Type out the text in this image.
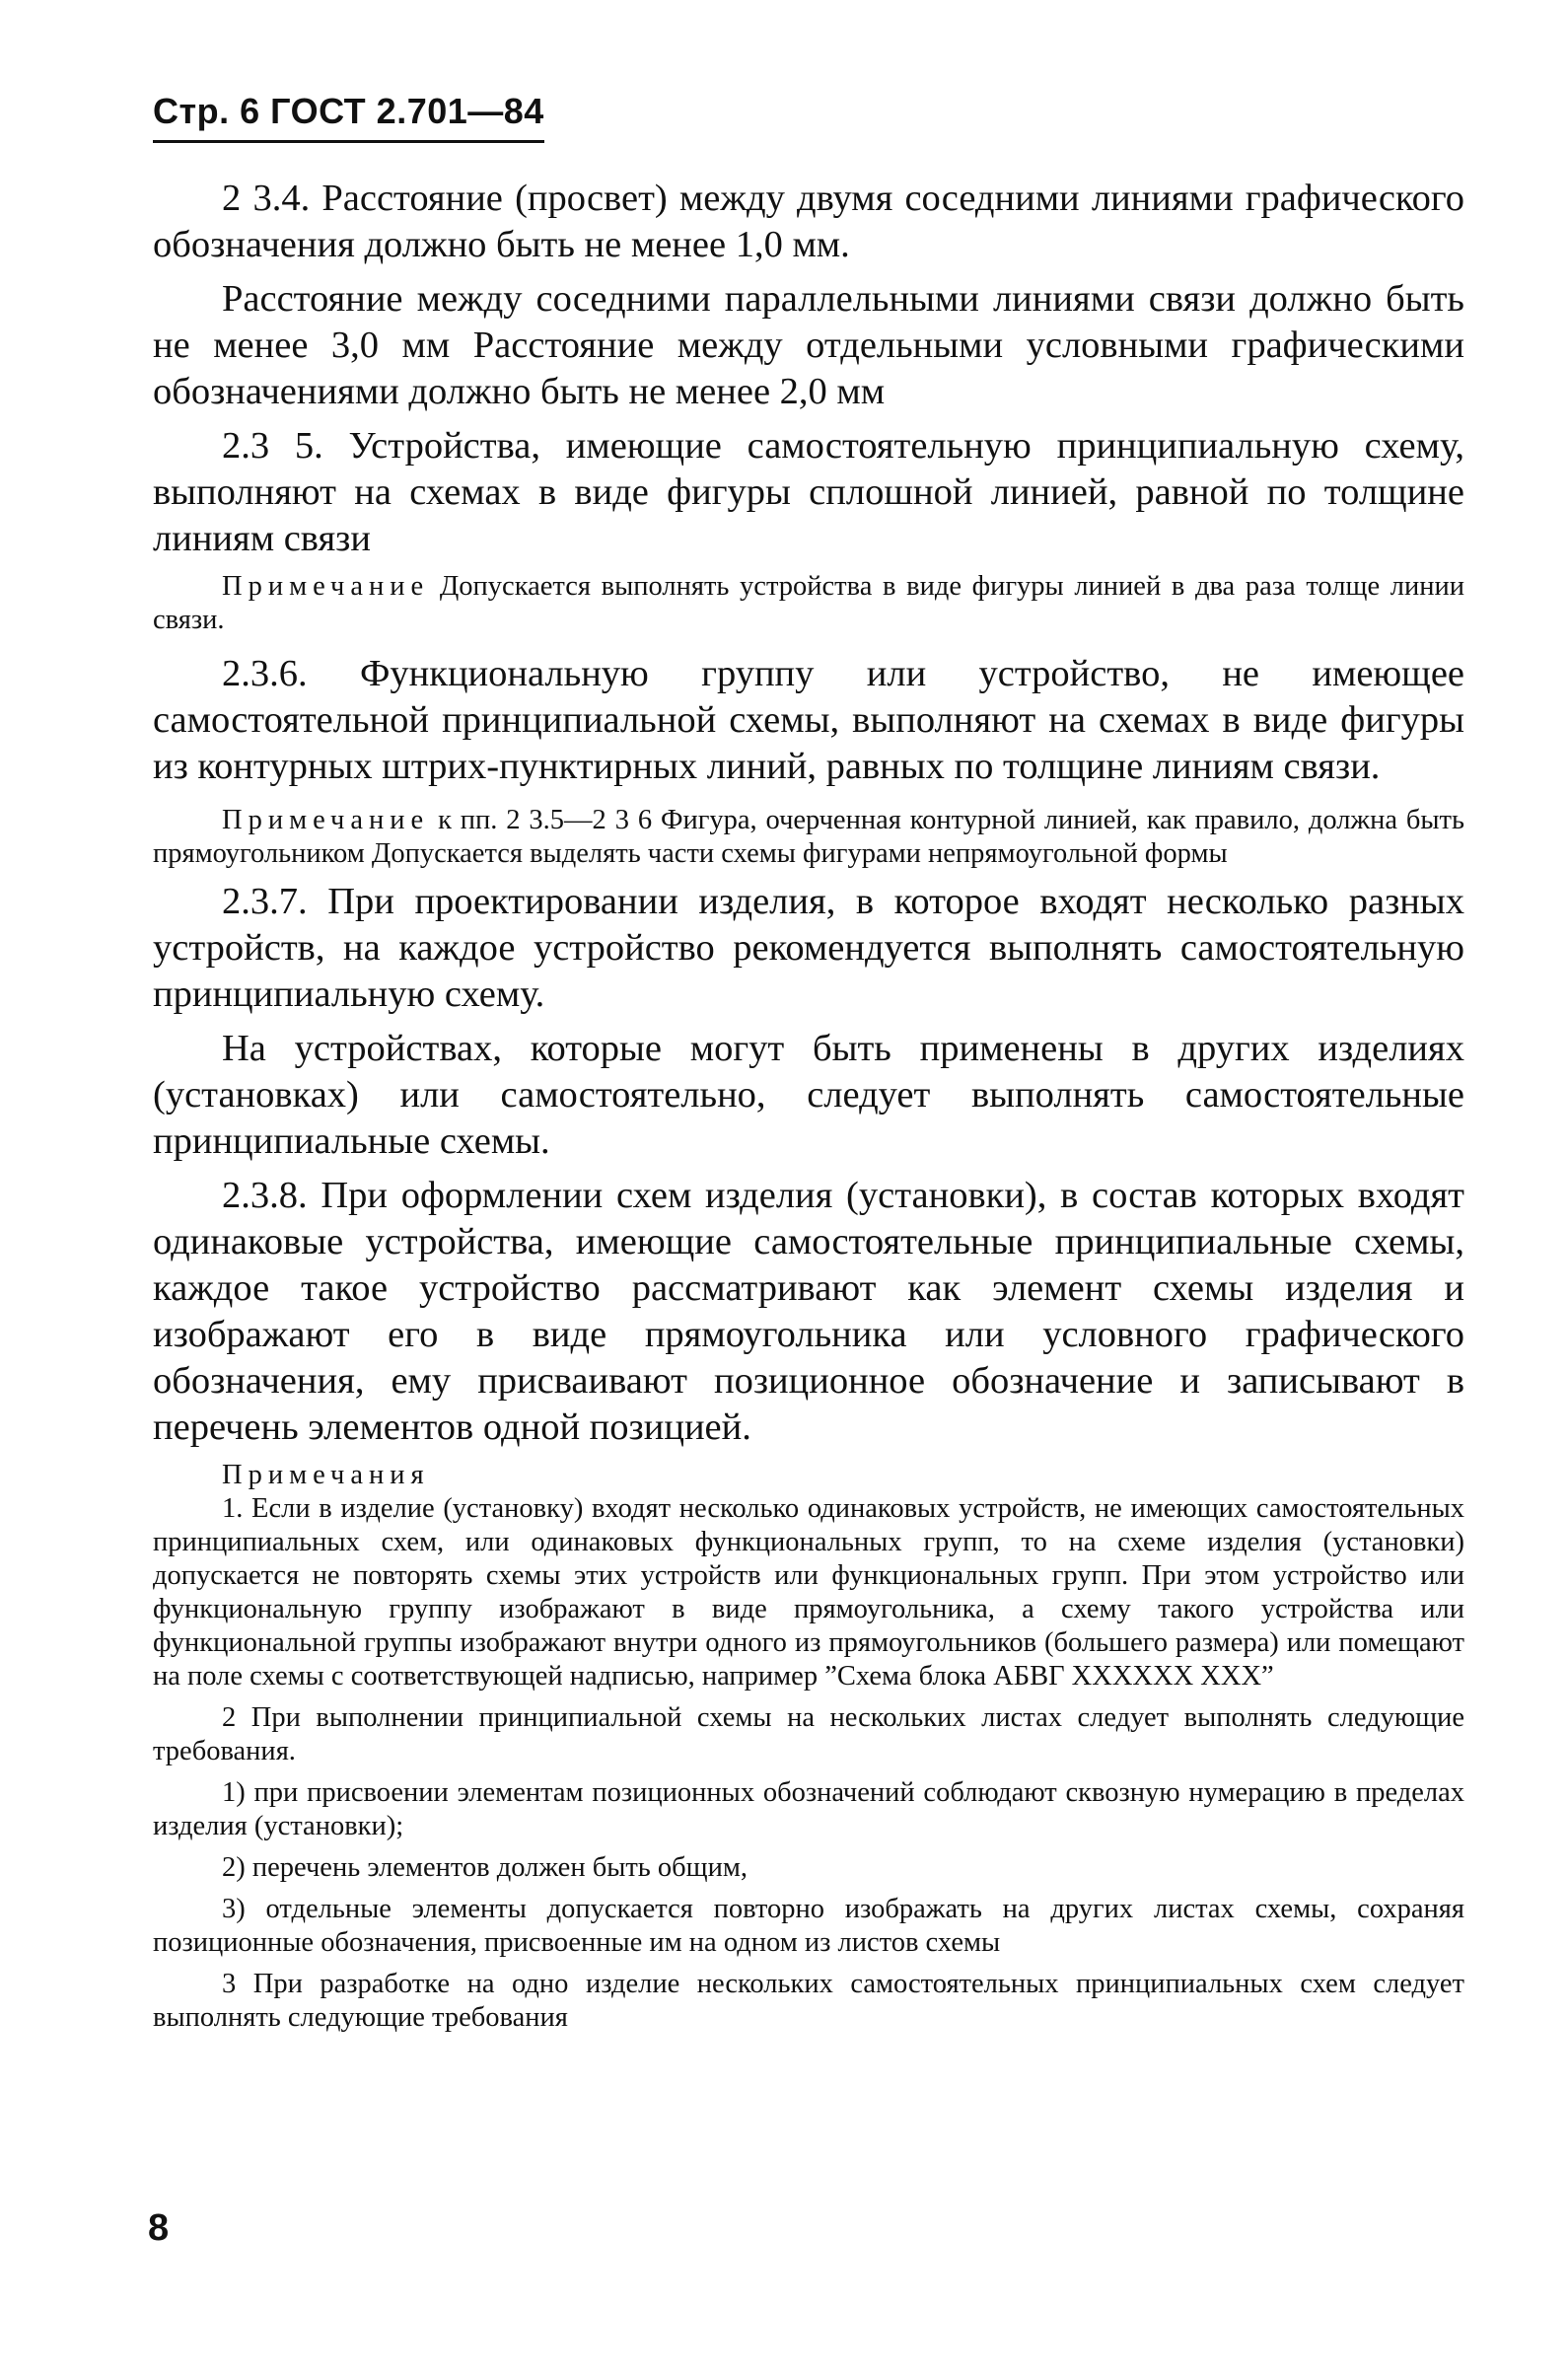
Стр. 6 ГОСТ 2.701—84

2 3.4. Расстояние (просвет) между двумя соседними линиями графического обозначения должно быть не менее 1,0 мм.

Расстояние между соседними параллельными линиями связи должно быть не менее 3,0 мм Расстояние между отдельными условными графическими обозначениями должно быть не менее 2,0 мм

2.3 5. Устройства, имеющие самостоятельную принципиальную схему, выполняют на схемах в виде фигуры сплошной линией, равной по толщине линиям связи

Примечание Допускается выполнять устройства в виде фигуры линией в два раза толще линии связи.

2.3.6. Функциональную группу или устройство, не имеющее самостоятельной принципиальной схемы, выполняют на схемах в виде фигуры из контурных штрих-пунктирных линий, равных по толщине линиям связи.

Примечание к пп. 2 3.5—2 3 6 Фигура, очерченная контурной линией, как правило, должна быть прямоугольником Допускается выделять части схемы фигурами непрямоугольной формы

2.3.7. При проектировании изделия, в которое входят несколько разных устройств, на каждое устройство рекомендуется выполнять самостоятельную принципиальную схему.

На устройствах, которые могут быть применены в других изделиях (установках) или самостоятельно, следует выполнять самостоятельные принципиальные схемы.

2.3.8. При оформлении схем изделия (установки), в состав которых входят одинаковые устройства, имеющие самостоятельные принципиальные схемы, каждое такое устройство рассматривают как элемент схемы изделия и изображают его в виде прямоугольника или условного графического обозначения, ему присваивают позиционное обозначение и записывают в перечень элементов одной позицией.

Примечания

1. Если в изделие (установку) входят несколько одинаковых устройств, не имеющих самостоятельных принципиальных схем, или одинаковых функциональных групп, то на схеме изделия (установки) допускается не повторять схемы этих устройств или функциональных групп. При этом устройство или функциональную группу изображают в виде прямоугольника, а схему такого устройства или функциональной группы изображают внутри одного из прямоугольников (большего размера) или помещают на поле схемы с соответствующей надписью, например ”Схема блока АБВГ ХХХХХХ ХХХ”

2 При выполнении принципиальной схемы на нескольких листах следует выполнять следующие требования.

1) при присвоении элементам позиционных обозначений соблюдают сквозную нумерацию в пределах изделия (установки);

2) перечень элементов должен быть общим,

3) отдельные элементы допускается повторно изображать на других листах схемы, сохраняя позиционные обозначения, присвоенные им на одном из листов схемы

3 При разработке на одно изделие нескольких самостоятельных принципиальных схем следует выполнять следующие требования

8
